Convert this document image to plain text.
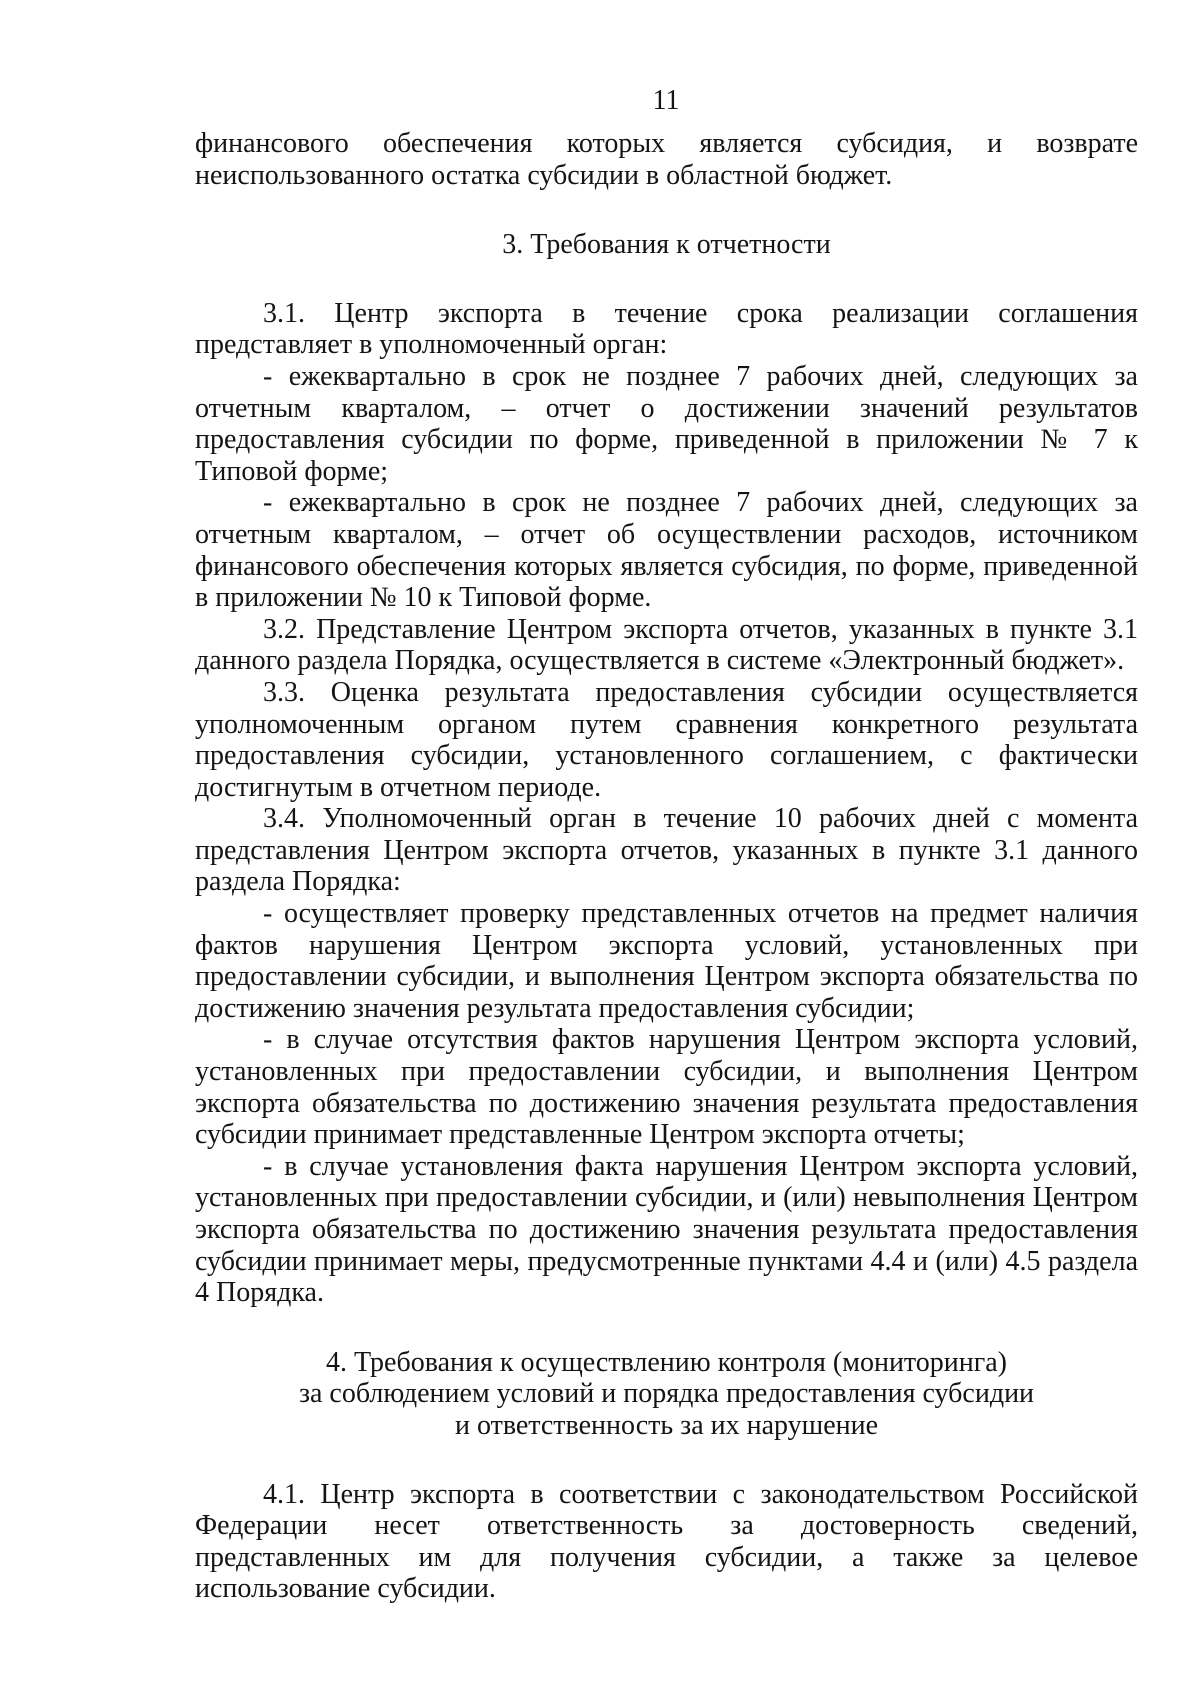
11

финансового обеспечения которых является субсидия, и возврате неиспользованного остатка субсидии в областной бюджет.

3. Требования к отчетности

3.1. Центр экспорта в течение срока реализации соглашения представляет в уполномоченный орган:

- ежеквартально в срок не позднее 7 рабочих дней, следующих за отчетным кварталом, – отчет о достижении значений результатов предоставления субсидии по форме, приведенной в приложении № 7 к Типовой форме;

- ежеквартально в срок не позднее 7 рабочих дней, следующих за отчетным кварталом, – отчет об осуществлении расходов, источником финансового обеспечения которых является субсидия, по форме, приведенной в приложении № 10 к Типовой форме.

3.2. Представление Центром экспорта отчетов, указанных в пункте 3.1 данного раздела Порядка, осуществляется в системе «Электронный бюджет».

3.3. Оценка результата предоставления субсидии осуществляется уполномоченным органом путем сравнения конкретного результата предоставления субсидии, установленного соглашением, с фактически достигнутым в отчетном периоде.

3.4. Уполномоченный орган в течение 10 рабочих дней с момента представления Центром экспорта отчетов, указанных в пункте 3.1 данного раздела Порядка:

- осуществляет проверку представленных отчетов на предмет наличия фактов нарушения Центром экспорта условий, установленных при предоставлении субсидии, и выполнения Центром экспорта обязательства по достижению значения результата предоставления субсидии;

- в случае отсутствия фактов нарушения Центром экспорта условий, установленных при предоставлении субсидии, и выполнения Центром экспорта обязательства по достижению значения результата предоставления субсидии принимает представленные Центром экспорта отчеты;

- в случае установления факта нарушения Центром экспорта условий, установленных при предоставлении субсидии, и (или) невыполнения Центром экспорта обязательства по достижению значения результата предоставления субсидии принимает меры, предусмотренные пунктами 4.4 и (или) 4.5 раздела 4 Порядка.

4. Требования к осуществлению контроля (мониторинга)
за соблюдением условий и порядка предоставления субсидии
и ответственность за их нарушение

4.1. Центр экспорта в соответствии с законодательством Российской Федерации несет ответственность за достоверность сведений, представленных им для получения субсидии, а также за целевое использование субсидии.
